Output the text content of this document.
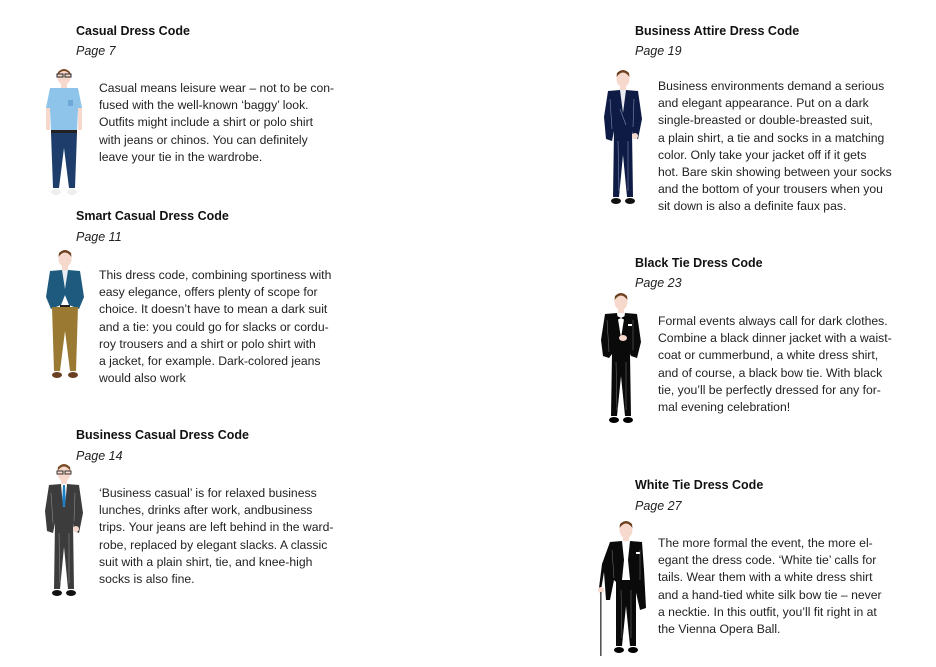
Casual Dress Code
Page 7
Casual means leisure wear – not to be con-
fused with the well-known ‘baggy’ look.
Outfits might include a shirt or polo shirt
with jeans or chinos. You can definitely
leave your tie in the wardrobe.
Smart Casual Dress Code
Page 11
This dress code, combining sportiness with
easy elegance, offers plenty of scope for
choice. It doesn’t have to mean a dark suit
and a tie: you could go for slacks or cordu-
roy trousers and a shirt or polo shirt with
a jacket, for example. Dark-colored jeans
would also work
Business Casual Dress Code
Page 14
‘Business casual’ is for relaxed business
lunches, drinks after work, andbusiness
trips. Your jeans are left behind in the ward-
robe, replaced by elegant slacks. A classic
suit with a plain shirt, tie, and knee-high
socks is also fine.
Business Attire Dress Code
Page 19
Business environments demand a serious
and elegant appearance. Put on a dark
single-breasted or double-breasted suit,
a plain shirt, a tie and socks in a matching
color. Only take your jacket off if it gets
hot. Bare skin showing between your socks
and the bottom of your trousers when you
sit down is also a definite faux pas.
Black Tie Dress Code
Page 23
Formal events always call for dark clothes.
Combine a black dinner jacket with a waist-
coat or cummerbund, a white dress shirt,
and of course, a black bow tie. With black
tie, you’ll be perfectly dressed for any for-
mal evening celebration!
White Tie Dress Code
Page 27
The more formal the event, the more el-
egant the dress code. ‘White tie’ calls for
tails. Wear them with a white dress shirt
and a hand-tied white silk bow tie – never
a necktie. In this outfit, you’ll fit right in at
the Vienna Opera Ball.
